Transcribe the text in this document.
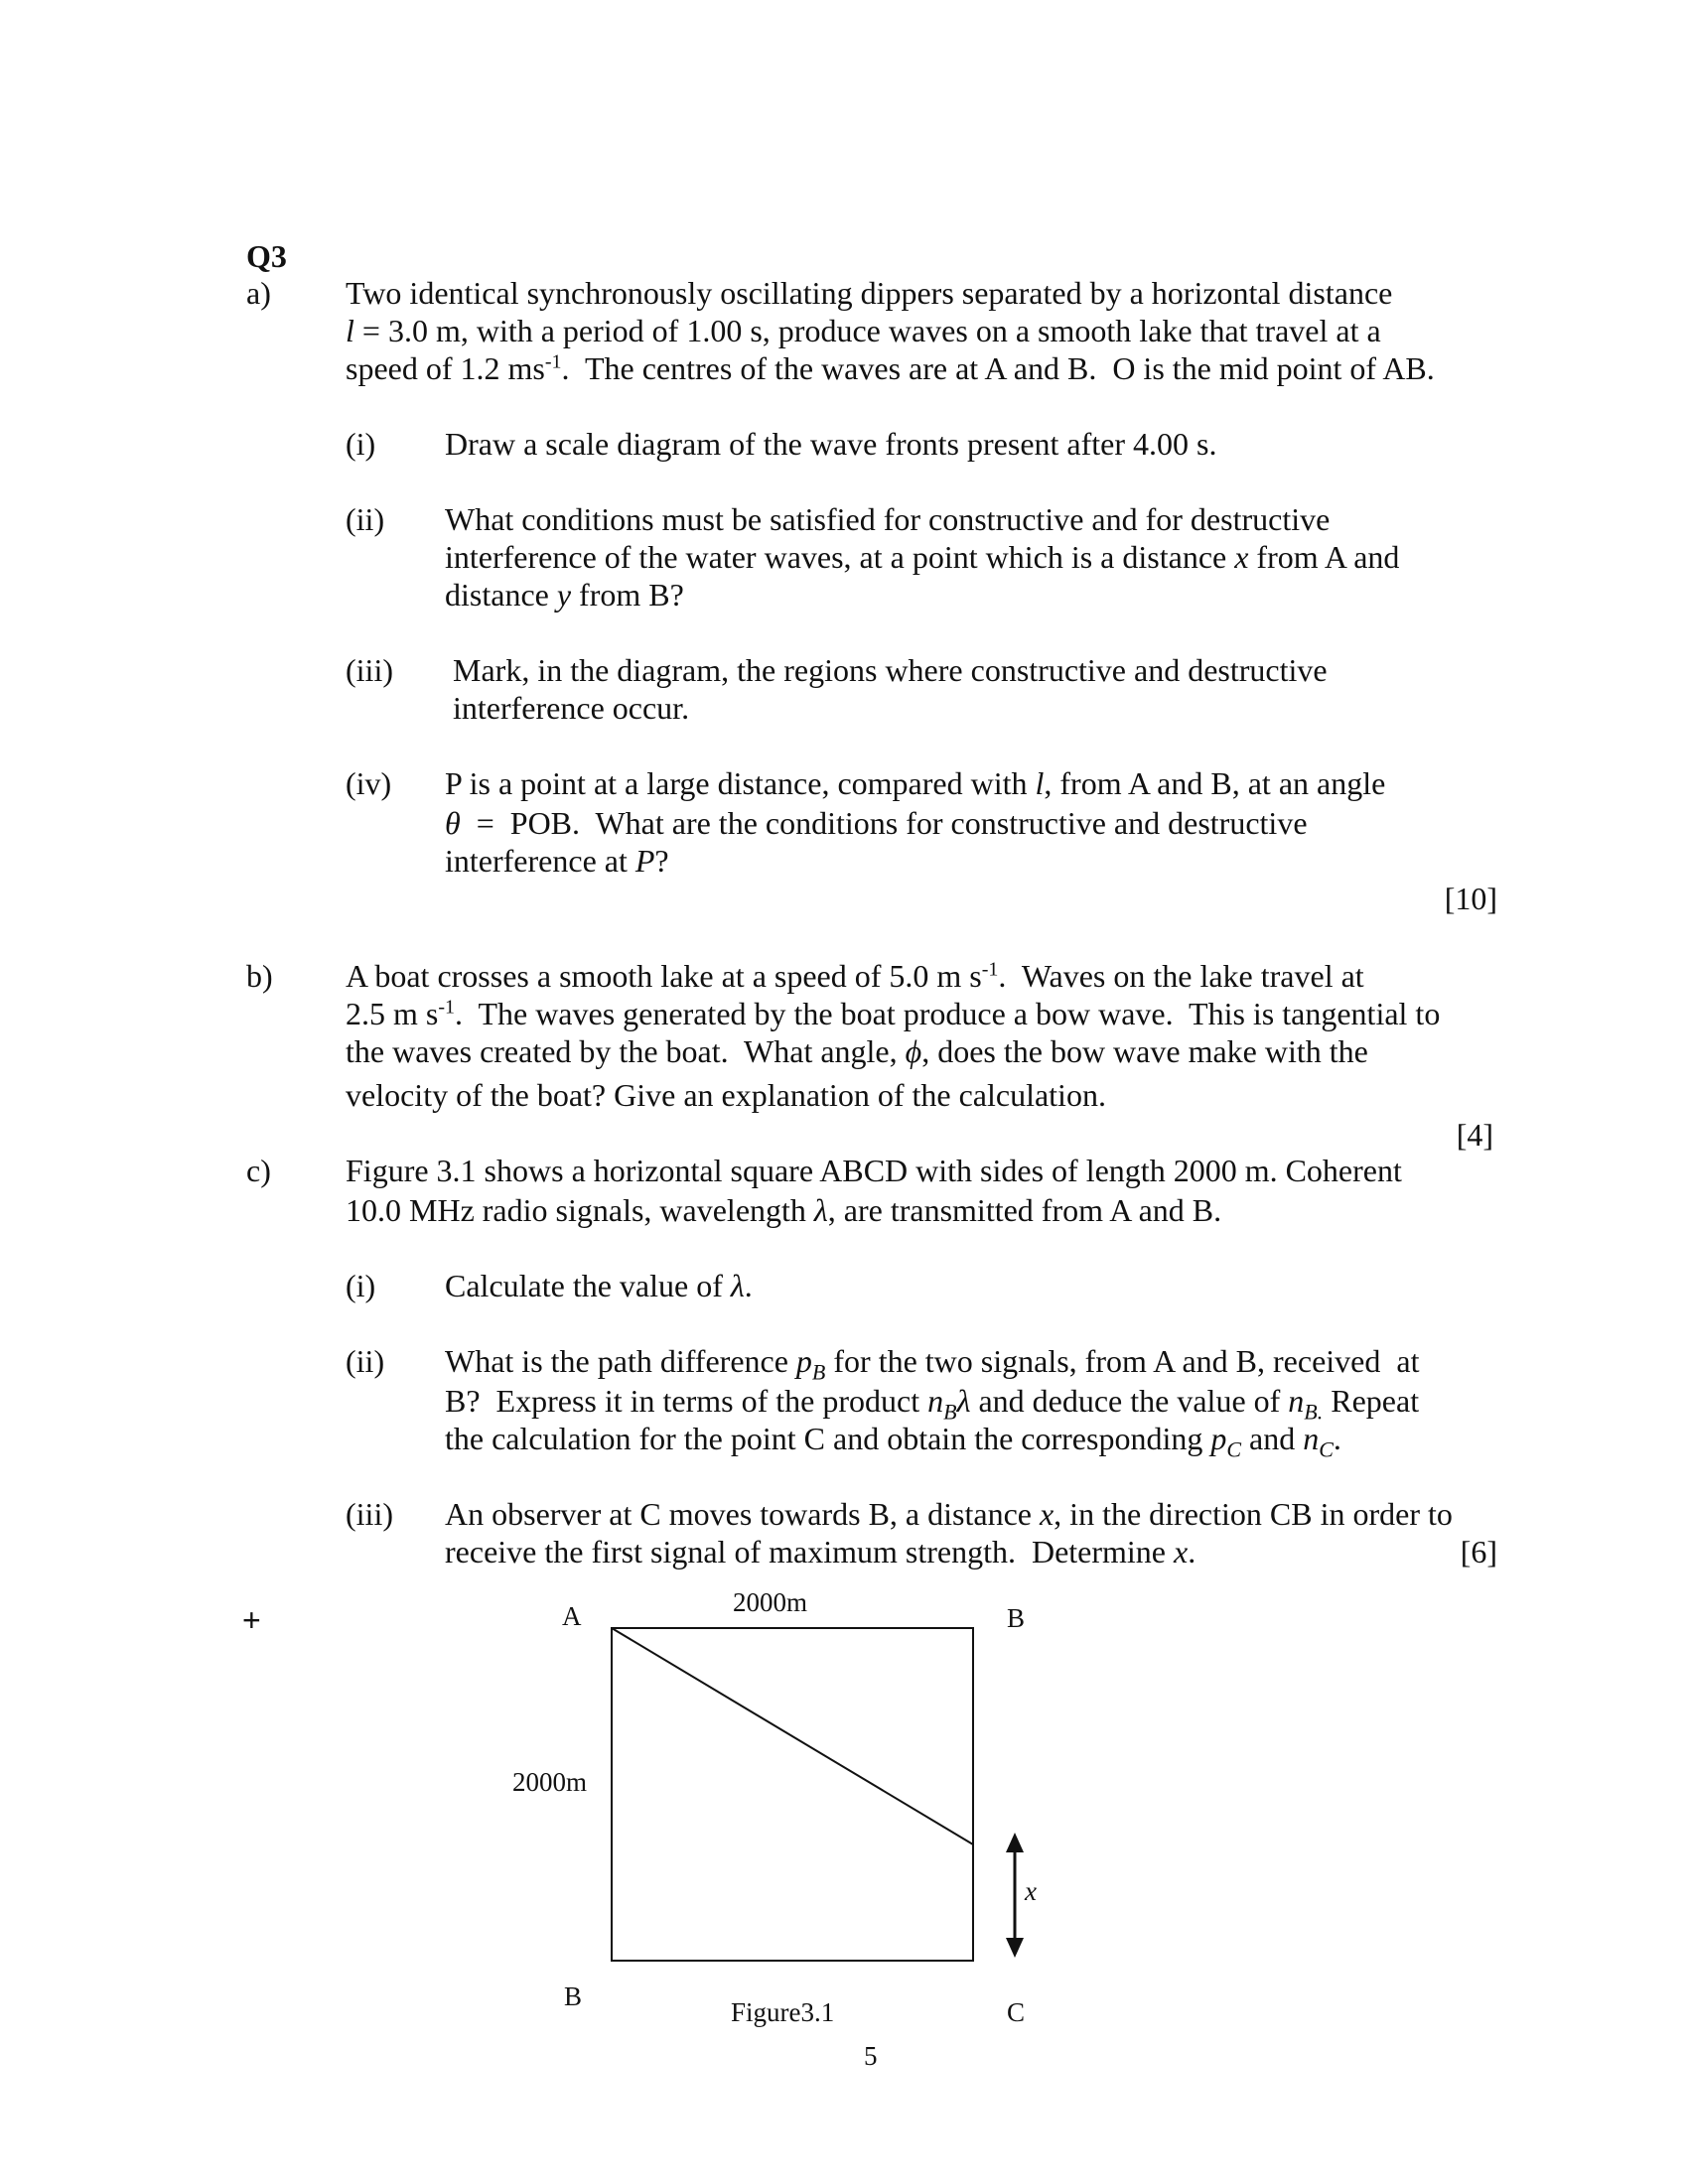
Q3
a) Two identical synchronously oscillating dippers separated by a horizontal distance
l = 3.0 m, with a period of 1.00 s, produce waves on a smooth lake that travel at a
speed of 1.2 $ms^{-1}$.  The centres of the waves are at A and B.  O is the mid point of AB.
(i) Draw a scale diagram of the wave fronts present after 4.00 s.
(ii) What conditions must be satisfied for constructive and for destructive
interference of the water waves, at a point which is a distance x from A and
distance y from B?
(iii) Mark, in the diagram, the regions where constructive and destructive
interference occur.
(iv) P is a point at a large distance, compared with l, from A and B, at an angle
θ  =  POB.  What are the conditions for constructive and destructive
interference at P?
[10]
b) A boat crosses a smooth lake at a speed of 5.0 m $s^{-1}$.  Waves on the lake travel at
2.5 m $s^{-1}$.  The waves generated by the boat produce a bow wave.  This is tangential to
the waves created by the boat.  What angle, ϕ, does the bow wave make with the
velocity of the boat? Give an explanation of the calculation.
[4]
c) Figure 3.1 shows a horizontal square ABCD with sides of length 2000 m. Coherent
10.0 MHz radio signals, wavelength λ, are transmitted from A and B.
(i) Calculate the value of λ.
(ii) What is the path difference $p_B$ for the two signals, from A and B, received  at
B?  Express it in terms of the product $n_B\lambda$ and deduce the value of $n_{B.}$ Repeat
the calculation for the point C and obtain the corresponding $p_C$ and $n_C$.
(iii) An observer at C moves towards B, a distance x, in the direction CB in order to
receive the first signal of maximum strength.  Determine x.	[6]
+	2000m
A	B
2000m
x
B
C
Figure3.1
5
